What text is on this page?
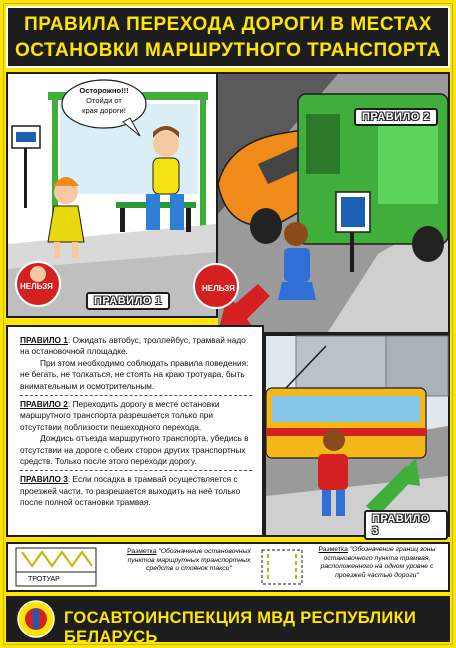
ПРАВИЛА ПЕРЕХОДА ДОРОГИ В МЕСТАХ
ОСТАНОВКИ МАРШРУТНОГО ТРАНСПОРТА
Осторожно!!!
Отойди от
края дороги!
НЕЛЬЗЯ
ПРАВИЛО 1
НЕЛЬЗЯ
ПРАВИЛО 2

ПРАВИЛО 1: Ожидать автобус, троллейбус, трамвай надо на остановочной площадке.

При этом необходимо соблюдать правила поведения: не бегать, не толкаться, не стоять на краю тротуара, быть внимательным и осмотрительным.

ПРАВИЛО 2: Переходить дорогу в месте остановки маршрутного транспорта разрешается только при отсутствии поблизости пешеходного перехода.

Дождись отъезда маршрутного транспорта, убедись в отсутствии на дороге с обеих сторон других транспортных средств. Только после этого переходи дорогу.

ПРАВИЛО 3: Если посадка в трамвай осуществляется с проезжей части, то разрешается выходить на неё только после полной остановки трамвая.

ПРАВИЛО 3
ТРОТУАР
Разметка "Обозначение остановочных пунктов маршрутных транспортных средств и стоянок такси"
Разметка "Обозначение границ зоны остановочного пункта трамвая, расположенного на одном уровне с проезжей частью дороги"
ГОСАВТОИНСПЕКЦИЯ МВД РЕСПУБЛИКИ БЕЛАРУСЬ
